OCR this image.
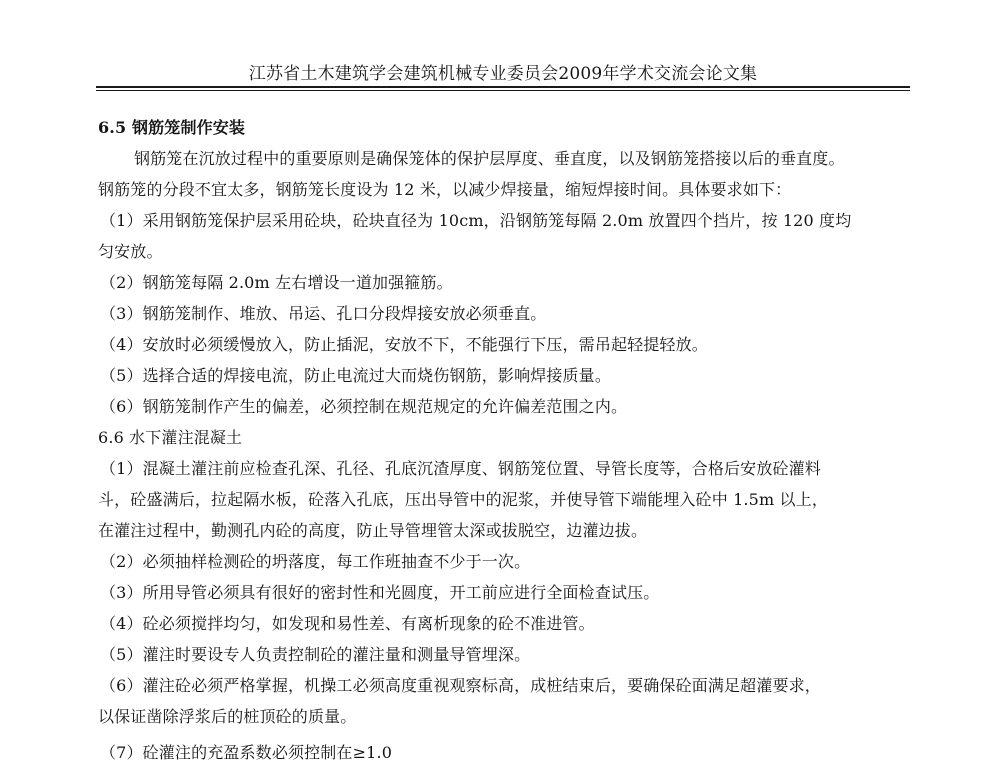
江苏省土木建筑学会建筑机械专业委员会2009年学术交流会论文集
6.5 钢筋笼制作安装
钢筋笼在沉放过程中的重要原则是确保笼体的保护层厚度、垂直度，以及钢筋笼搭接以后的垂直度。
钢筋笼的分段不宜太多，钢筋笼长度设为 12 米，以减少焊接量，缩短焊接时间。具体要求如下：
（1）采用钢筋笼保护层采用砼块，砼块直径为 10cm，沿钢筋笼每隔 2.0m 放置四个挡片，按 120 度均
匀安放。
（2）钢筋笼每隔 2.0m 左右增设一道加强箍筋。
（3）钢筋笼制作、堆放、吊运、孔口分段焊接安放必须垂直。
（4）安放时必须缓慢放入，防止插泥，安放不下，不能强行下压，需吊起轻提轻放。
（5）选择合适的焊接电流，防止电流过大而烧伤钢筋，影响焊接质量。
（6）钢筋笼制作产生的偏差，必须控制在规范规定的允许偏差范围之内。
6.6 水下灌注混凝土
（1）混凝土灌注前应检查孔深、孔径、孔底沉渣厚度、钢筋笼位置、导管长度等，合格后安放砼灌料
斗，砼盛满后，拉起隔水板，砼落入孔底，压出导管中的泥浆，并使导管下端能埋入砼中 1.5m 以上，
在灌注过程中，勤测孔内砼的高度，防止导管埋管太深或拔脱空，边灌边拔。
（2）必须抽样检测砼的坍落度，每工作班抽查不少于一次。
（3）所用导管必须具有很好的密封性和光圆度，开工前应进行全面检查试压。
（4）砼必须搅拌均匀，如发现和易性差、有离析现象的砼不准进管。
（5）灌注时要设专人负责控制砼的灌注量和测量导管埋深。
（6）灌注砼必须严格掌握，机操工必须高度重视观察标高，成桩结束后，要确保砼面满足超灌要求，
以保证凿除浮浆后的桩顶砼的质量。
（7）砼灌注的充盈系数必须控制在≥1.0
